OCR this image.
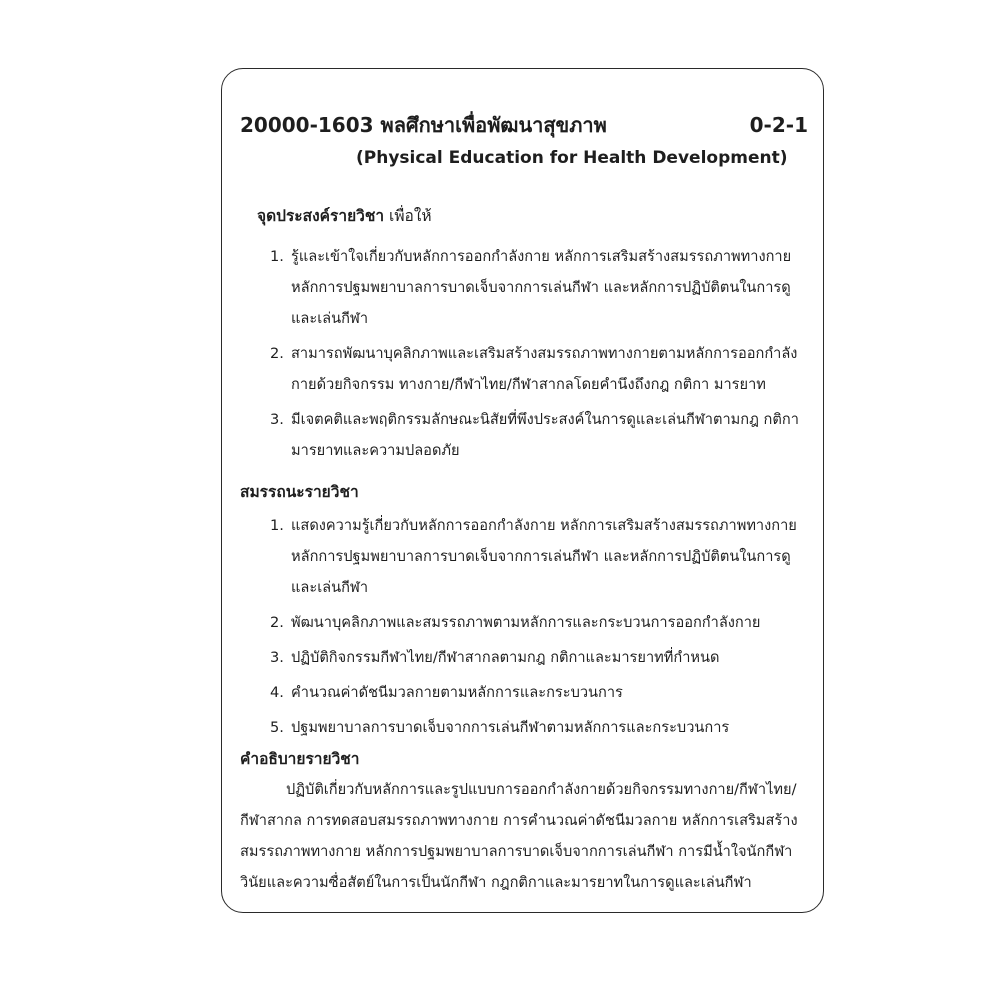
20000-1603 พลศึกษาเพื่อพัฒนาสุขภาพ	0-2-1
(Physical Education for Health Development)
จุดประสงค์รายวิชา เพื่อให้
1. รู้และเข้าใจเกี่ยวกับหลักการออกกำลังกาย หลักการเสริมสร้างสมรรถภาพทางกาย หลักการปฐมพยาบาลการบาดเจ็บจากการเล่นกีฬา และหลักการปฏิบัติตนในการดูและเล่นกีฬา
2. สามารถพัฒนาบุคลิกภาพและเสริมสร้างสมรรถภาพทางกายตามหลักการออกกำลังกายด้วยกิจกรรม ทางกาย/กีฬาไทย/กีฬาสากลโดยคำนึงถึงกฎ กติกา มารยาท
3. มีเจตคติและพฤติกรรมลักษณะนิสัยที่พึงประสงค์ในการดูและเล่นกีฬาตามกฎ กติกา มารยาทและความปลอดภัย
สมรรถนะรายวิชา
1. แสดงความรู้เกี่ยวกับหลักการออกกำลังกาย หลักการเสริมสร้างสมรรถภาพทางกาย หลักการปฐมพยาบาลการบาดเจ็บจากการเล่นกีฬา และหลักการปฏิบัติตนในการดูและเล่นกีฬา
2. พัฒนาบุคลิกภาพและสมรรถภาพตามหลักการและกระบวนการออกกำลังกาย
3. ปฏิบัติกิจกรรมกีฬาไทย/กีฬาสากลตามกฎ กติกาและมารยาทที่กำหนด
4. คำนวณค่าดัชนีมวลกายตามหลักการและกระบวนการ
5. ปฐมพยาบาลการบาดเจ็บจากการเล่นกีฬาตามหลักการและกระบวนการ
คำอธิบายรายวิชา

ปฏิบัติเกี่ยวกับหลักการและรูปแบบการออกกำลังกายด้วยกิจกรรมทางกาย/กีฬาไทย/กีฬาสากล การทดสอบสมรรถภาพทางกาย การคำนวณค่าดัชนีมวลกาย หลักการเสริมสร้างสมรรถภาพทางกาย หลักการปฐมพยาบาลการบาดเจ็บจากการเล่นกีฬา การมีน้ำใจนักกีฬา วินัยและความซื่อสัตย์ในการเป็นนักกีฬา กฎกติกาและมารยาทในการดูและเล่นกีฬา
